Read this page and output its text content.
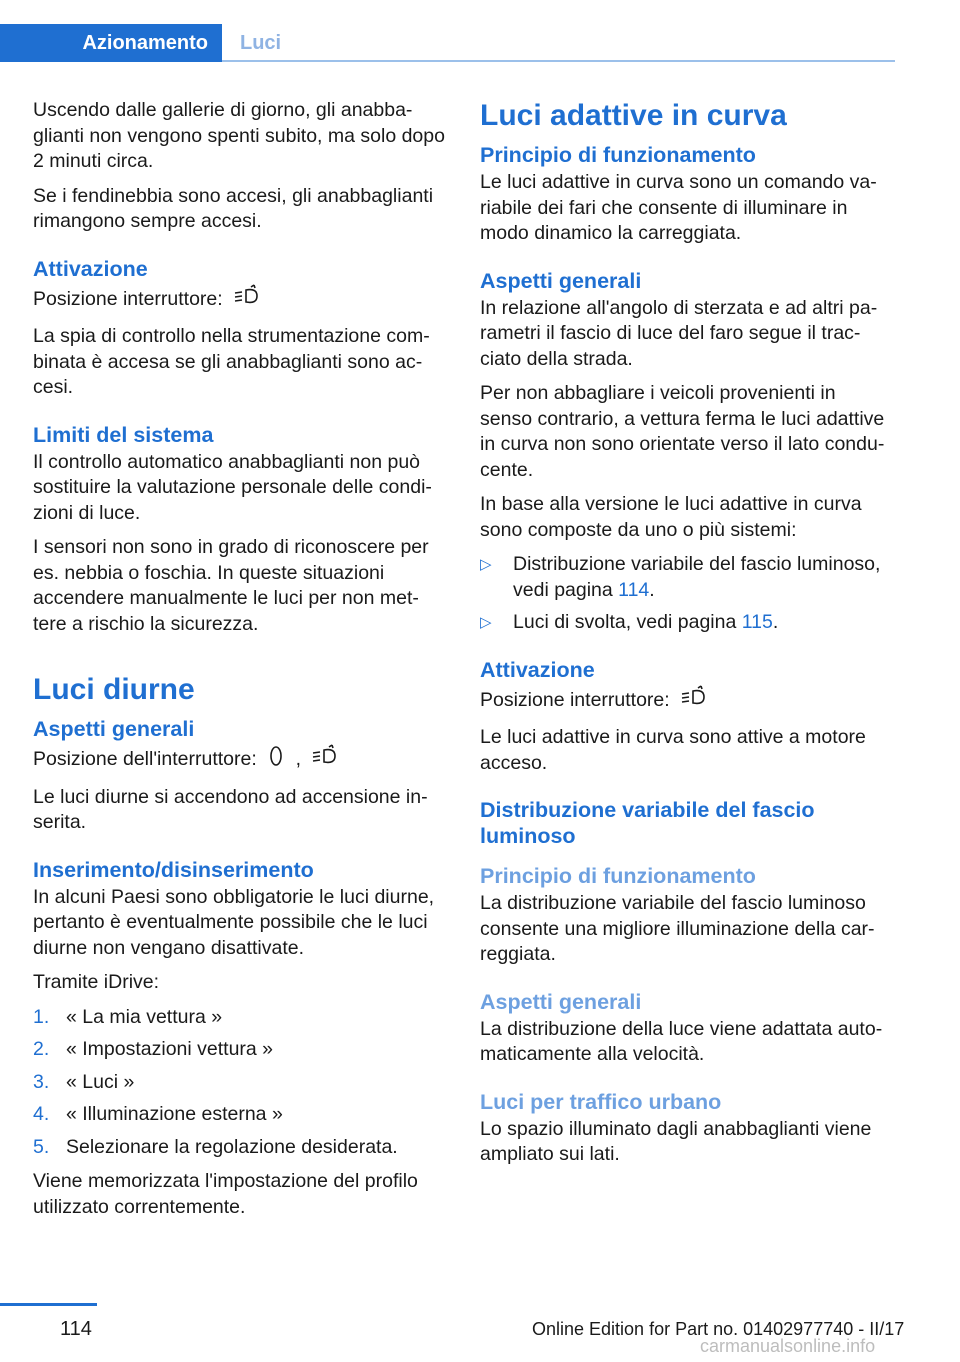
Azionamento	Luci

Uscendo dalle gallerie di giorno, gli anabba‐ glianti non vengono spenti subito, ma solo dopo 2 minuti circa.

Se i fendinebbia sono accesi, gli anabbaglianti rimangono sempre accesi.

Attivazione

Posizione interruttore:

La spia di controllo nella strumentazione com‐ binata è accesa se gli anabbaglianti sono ac‐ cesi.

Limiti del sistema

Il controllo automatico anabbaglianti non può sostituire la valutazione personale delle condi‐ zioni di luce.

I sensori non sono in grado di riconoscere per es. nebbia o foschia. In queste situazioni accendere manualmente le luci per non met‐ tere a rischio la sicurezza.

Luci diurne
Aspetti generali

Posizione dell'interruttore: ,

Le luci diurne si accendono ad accensione in‐ serita.

Inserimento/disinserimento

In alcuni Paesi sono obbligatorie le luci diurne, pertanto è eventualmente possibile che le luci diurne non vengano disattivate.

Tramite iDrive:

1. « La mia vettura »
2. « Impostazioni vettura »
3. « Luci »
4. « Illuminazione esterna »
5. Selezionare la regolazione desiderata.

Viene memorizzata l'impostazione del profilo utilizzato correntemente.

Luci adattive in curva
Principio di funzionamento

Le luci adattive in curva sono un comando va‐ riabile dei fari che consente di illuminare in modo dinamico la carreggiata.

Aspetti generali

In relazione all'angolo di sterzata e ad altri pa‐ rametri il fascio di luce del faro segue il trac‐ ciato della strada.

Per non abbagliare i veicoli provenienti in senso contrario, a vettura ferma le luci adattive in curva non sono orientate verso il lato condu‐ cente.

In base alla versione le luci adattive in curva sono composte da uno o più sistemi:

▷ Distribuzione variabile del fascio luminoso, vedi pagina 114.
▷ Luci di svolta, vedi pagina 115.
Attivazione

Posizione interruttore:

Le luci adattive in curva sono attive a motore acceso.

Distribuzione variabile del fascio luminoso
Principio di funzionamento

La distribuzione variabile del fascio luminoso consente una migliore illuminazione della car‐ reggiata.

Aspetti generali

La distribuzione della luce viene adattata auto‐ maticamente alla velocità.

Luci per traffico urbano

Lo spazio illuminato dagli anabbaglianti viene ampliato sui lati.

114	Online Edition for Part no. 01402977740 - II/17
carmanualsonline.info
